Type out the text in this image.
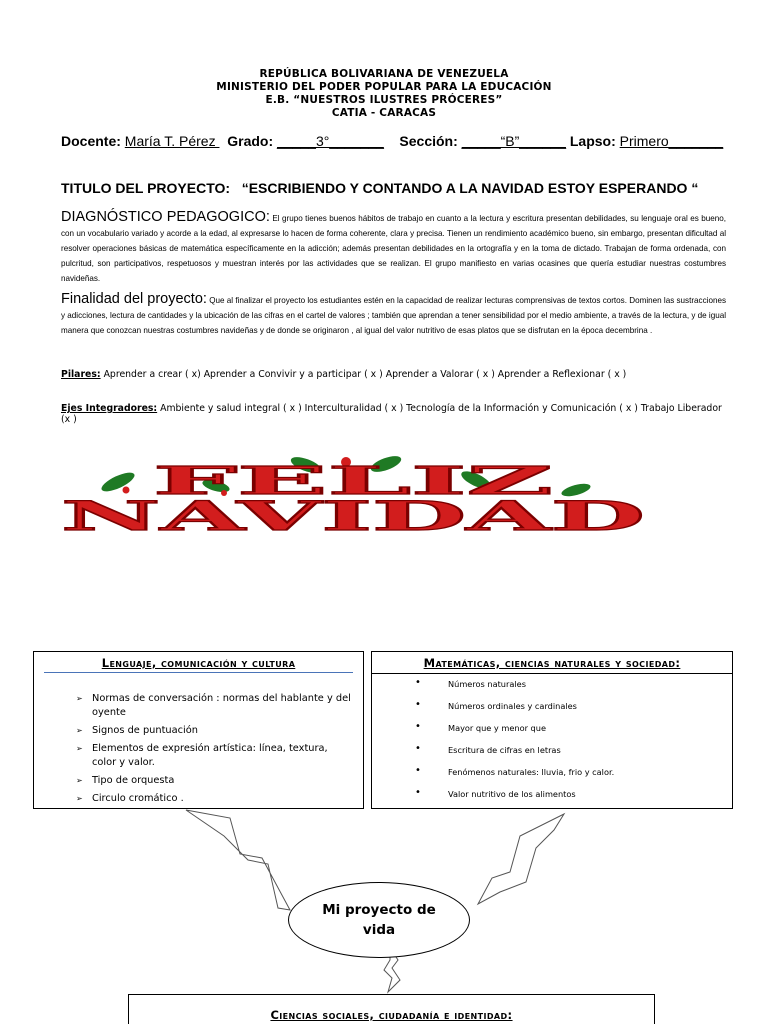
REPÚBLICA BOLIVARIANA DE VENEZUELA
MINISTERIO DEL PODER POPULAR PARA LA EDUCACIÓN
E.B. “NUESTROS ILUSTRES PRÓCERES”
CATIA - CARACAS
Docente: María T. Pérez   Grado: _____3°_______ Sección: _____“B”______ Lapso: Primero_______
TITULO DEL PROYECTO: “ESCRIBIENDO Y CONTANDO A LA NAVIDAD ESTOY ESPERANDO “
DIAGNÓSTICO PEDAGOGICO: El grupo tienes buenos hábitos de trabajo en cuanto a la lectura y escritura presentan debilidades, su lenguaje oral es bueno, con un vocabulario variado y acorde a la edad, al expresarse lo hacen de forma coherente, clara y precisa. Tienen un rendimiento académico bueno, sin embargo, presentan dificultad al resolver operaciones básicas de matemática específicamente en la adicción; además presentan debilidades en la ortografía y en la toma de dictado. Trabajan de forma ordenada, con pulcritud, son participativos, respetuosos y muestran interés por las actividades que se realizan. El grupo manifiesto en varias ocasines que quería estudiar nuestras costumbres navideñas.
Finalidad del proyecto: Que al finalizar el proyecto los estudiantes estén en la capacidad de realizar lecturas comprensivas de textos cortos. Dominen las sustracciones y adicciones, lectura de cantidades y la ubicación de las cifras en el cartel de valores ; también que aprendan a tener sensibilidad por el medio ambiente, a través de la lectura, y de igual manera que conozcan nuestras costumbres navideñas y de donde se originaron , al igual del valor nutritivo de esas platos que se disfrutan en la época decembrina .
Pilares: Aprender a crear ( x) Aprender a Convivir y a participar ( x ) Aprender a Valorar ( x ) Aprender a Reflexionar ( x )
Ejes Integradores: Ambiente y salud integral ( x ) Interculturalidad ( x ) Tecnología de la Información y Comunicación ( x ) Trabajo Liberador (x )
FELIZ
NAVIDAD
Lenguaje, comunicación y cultura
➢ Normas de conversación : normas del hablante y del oyente
➢ Signos de puntuación
➢ Elementos de expresión artística: línea, textura, color y valor.
➢ Tipo de orquesta
➢ Circulo cromático .
Matemáticas, ciencias naturales y sociedad:
•	Números naturales
•	Números ordinales y cardinales
•	Mayor que y menor que
•	Escritura de cifras en letras
•	Fenómenos naturales: lluvia, frio y calor.
•	Valor nutritivo de los alimentos
Mi proyecto de
vida
Ciencias sociales, ciudadanía e identidad:
